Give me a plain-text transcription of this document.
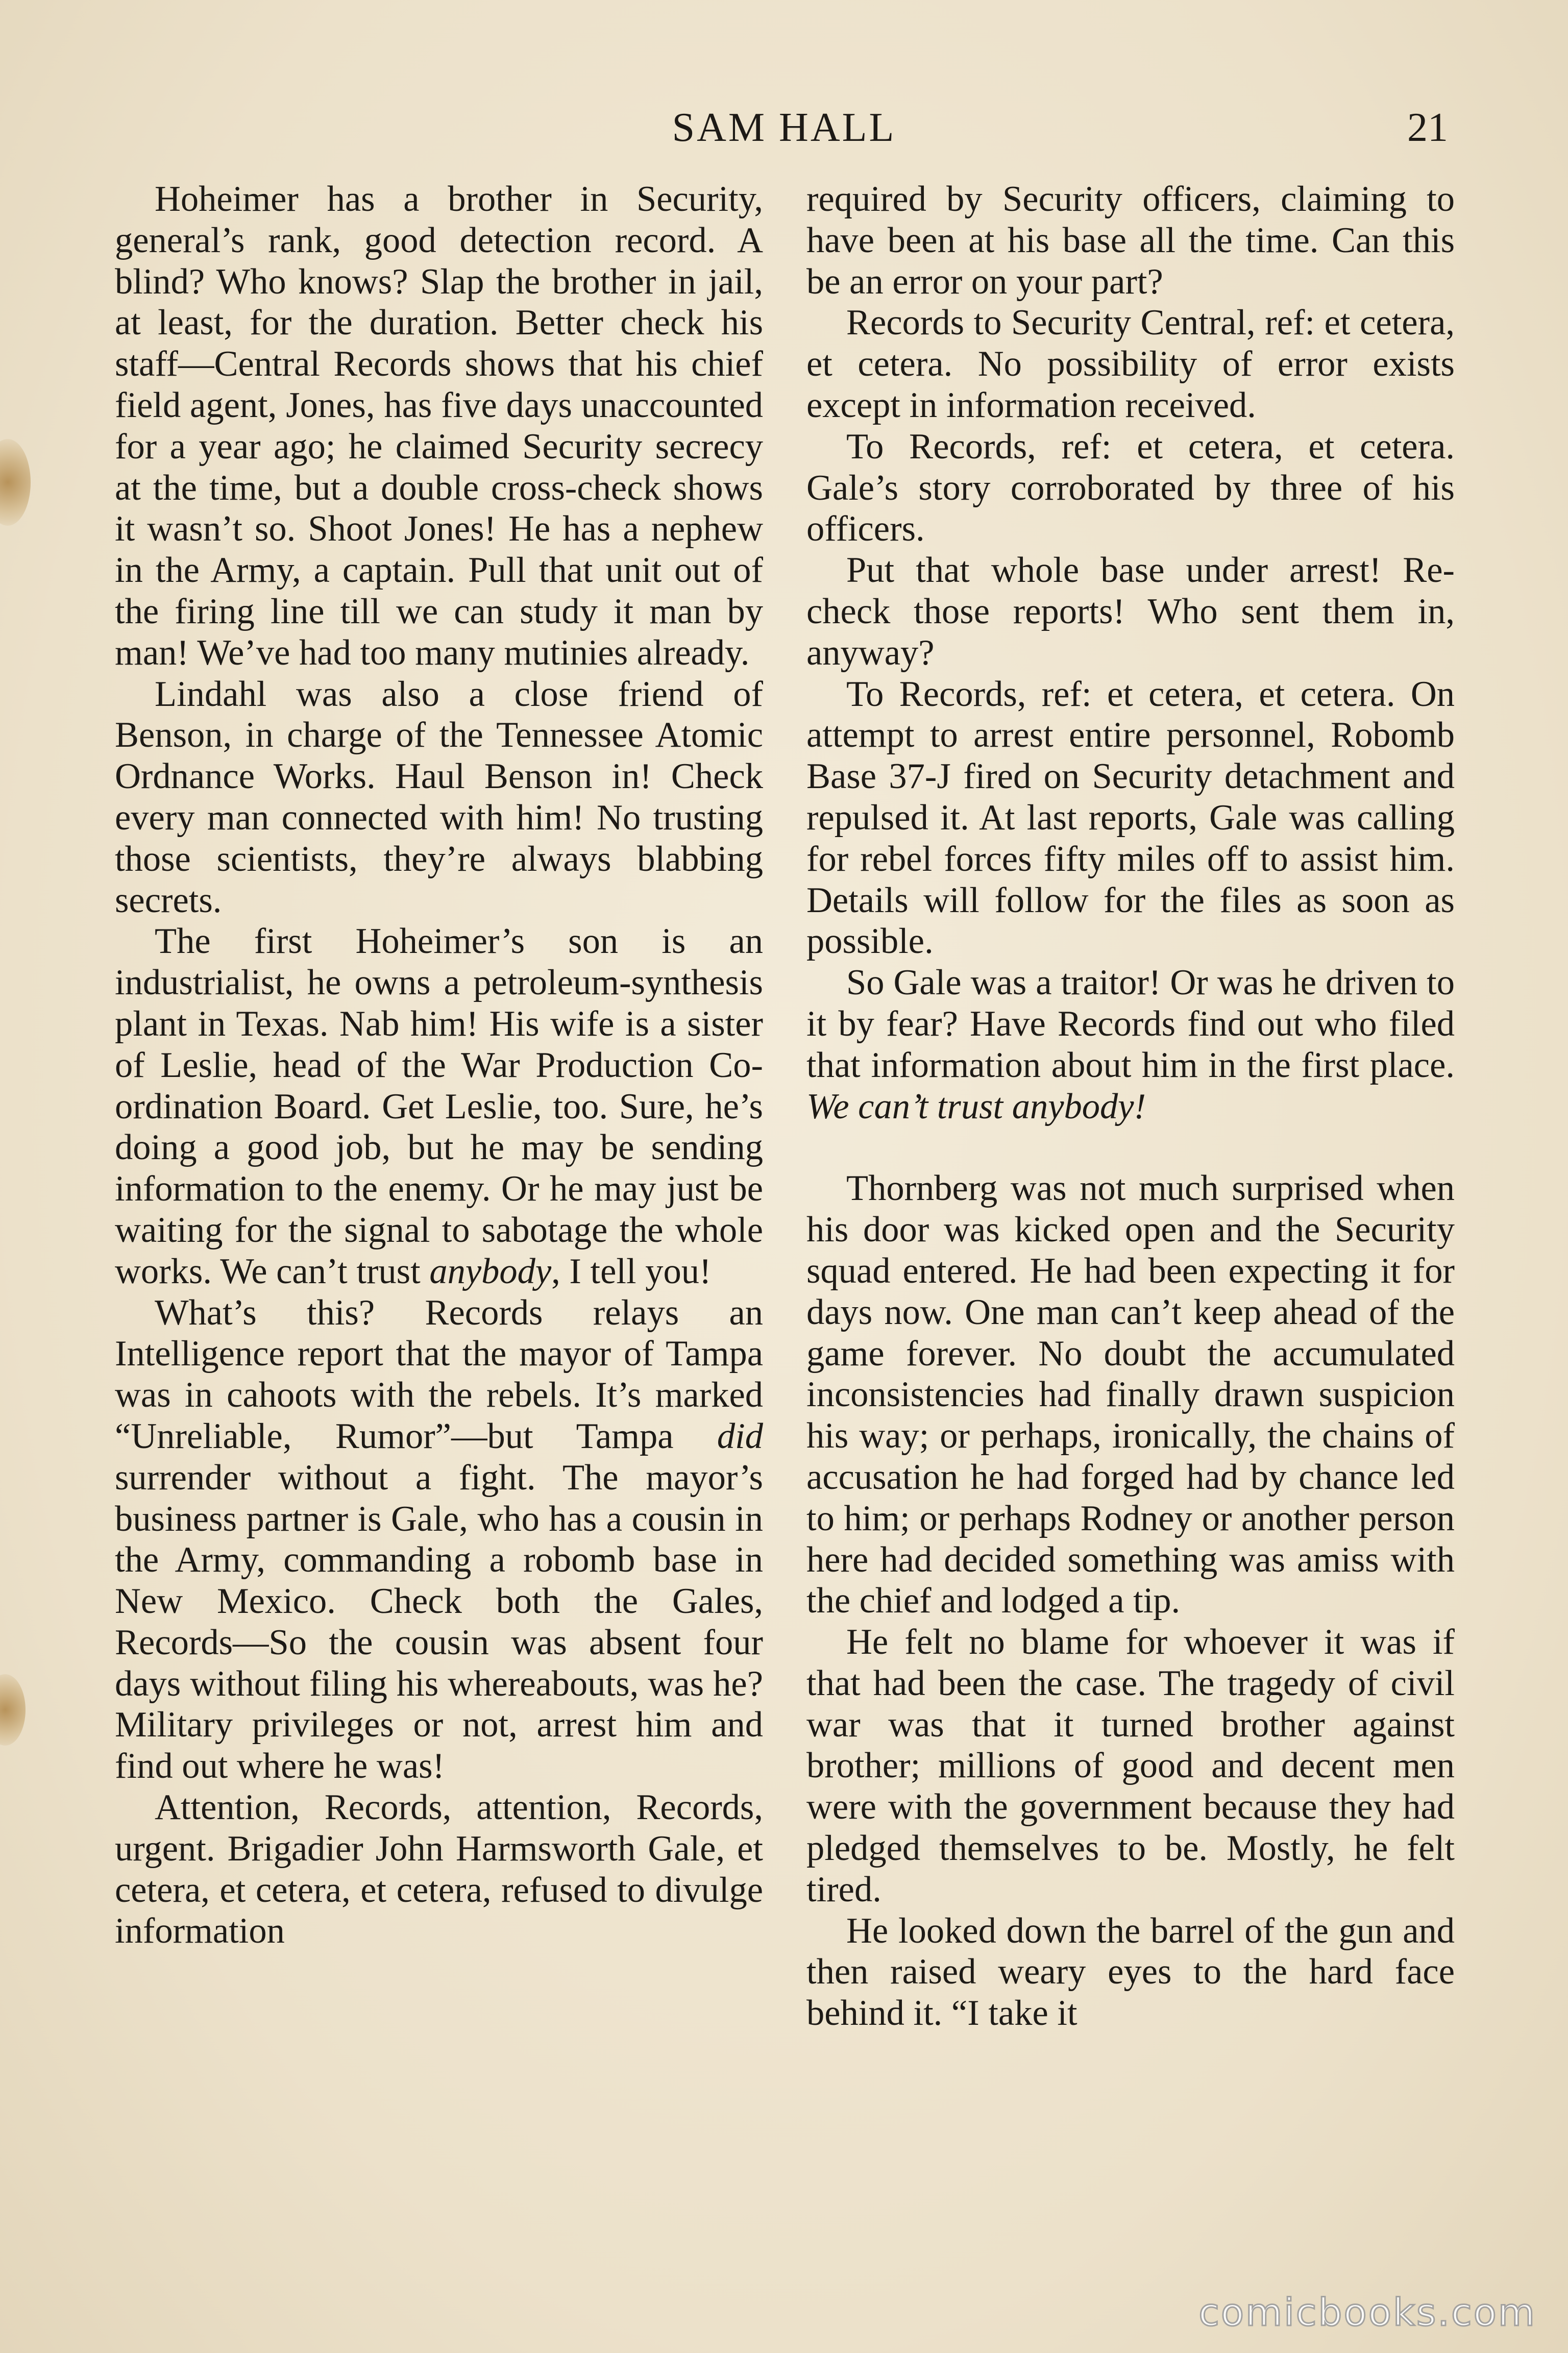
SAM HALL	21

Hoheimer has a brother in Security, general’s rank, good detection record. A blind? Who knows? Slap the brother in jail, at least, for the duration. Better check his staff—Central Records shows that his chief field agent, Jones, has five days unaccounted for a year ago; he claimed Security secrecy at the time, but a double cross-check shows it wasn’t so. Shoot Jones! He has a nephew in the Army, a captain. Pull that unit out of the firing line till we can study it man by man! We’ve had too many mutinies already.

Lindahl was also a close friend of Benson, in charge of the Tennessee Atomic Ordnance Works. Haul Benson in! Check every man connected with him! No trusting those scientists, they’re always blabbing secrets.

The first Hoheimer’s son is an industrialist, he owns a petroleum-synthesis plant in Texas. Nab him! His wife is a sister of Leslie, head of the War Production Co-ordination Board. Get Leslie, too. Sure, he’s doing a good job, but he may be sending information to the enemy. Or he may just be waiting for the signal to sabotage the whole works. We can’t trust anybody, I tell you!

What’s this? Records relays an Intelligence report that the mayor of Tampa was in cahoots with the rebels. It’s marked “Unreliable, Rumor”—but Tampa did surrender without a fight. The mayor’s business partner is Gale, who has a cousin in the Army, commanding a robomb base in New Mexico. Check both the Gales, Records—So the cousin was absent four days without filing his whereabouts, was he? Military privileges or not, arrest him and find out where he was!

Attention, Records, attention, Records, urgent. Brigadier John Harmsworth Gale, et cetera, et cetera, et cetera, refused to divulge information

required by Security officers, claiming to have been at his base all the time. Can this be an error on your part?

Records to Security Central, ref: et cetera, et cetera. No possibility of error exists except in information received.

To Records, ref: et cetera, et cetera. Gale’s story corroborated by three of his officers.

Put that whole base under arrest! Re-check those reports! Who sent them in, anyway?

To Records, ref: et cetera, et cetera. On attempt to arrest entire personnel, Robomb Base 37-J fired on Security detachment and repulsed it. At last reports, Gale was calling for rebel forces fifty miles off to assist him. Details will follow for the files as soon as possible.

So Gale was a traitor! Or was he driven to it by fear? Have Records find out who filed that information about him in the first place. We can’t trust anybody!

Thornberg was not much surprised when his door was kicked open and the Security squad entered. He had been expecting it for days now. One man can’t keep ahead of the game forever. No doubt the accumulated inconsistencies had finally drawn suspicion his way; or perhaps, ironically, the chains of accusation he had forged had by chance led to him; or perhaps Rodney or another person here had decided something was amiss with the chief and lodged a tip.

He felt no blame for whoever it was if that had been the case. The tragedy of civil war was that it turned brother against brother; millions of good and decent men were with the government because they had pledged themselves to be. Mostly, he felt tired.

He looked down the barrel of the gun and then raised weary eyes to the hard face behind it. “I take it

comicbooks.com
